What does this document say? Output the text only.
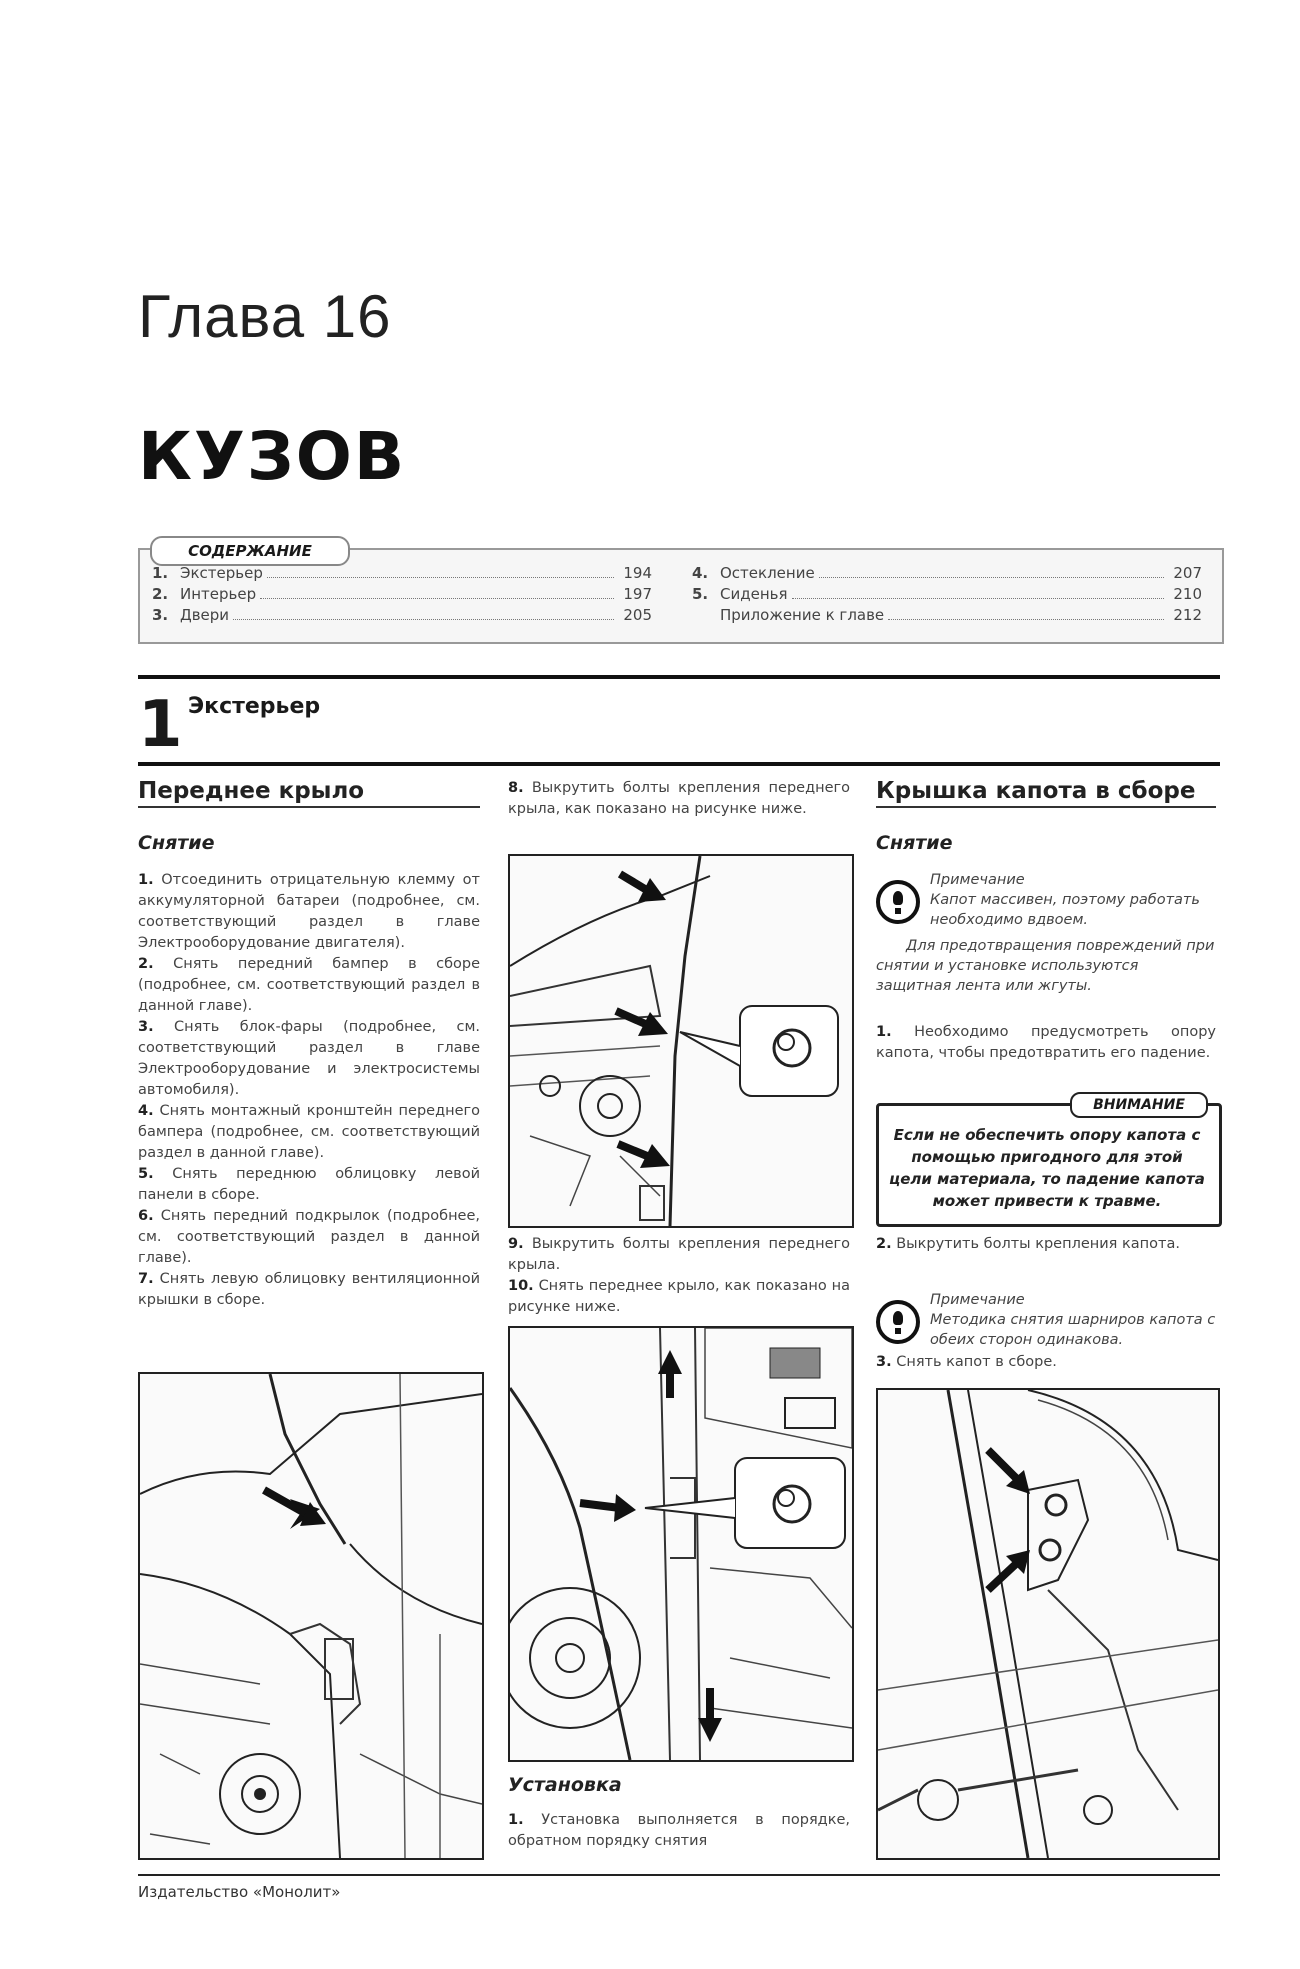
Глава 16
КУЗОВ
СОДЕРЖАНИЕ
1. Экстерьер	194
2. Интерьер	197
3. Двери	205
4. Остекление	207
5. Сиденья	210
Приложение к главе	212
1 Экстерьер
Переднее крыло
Снятие

1. Отсоединить отрицательную клемму от аккумуляторной батареи (подробнее, см. соответствующий раздел в главе Электрооборудование двигателя).

2. Снять передний бампер в сборе (подробнее, см. соответствующий раздел в данной главе).

3. Снять блок-фары (подробнее, см. соответствующий раздел в главе Электрооборудование и электросистемы автомобиля).

4. Снять монтажный кронштейн переднего бампера (подробнее, см. соответствующий раздел в данной главе).

5. Снять переднюю облицовку левой панели в сборе.

6. Снять передний подкрылок (подробнее, см. соответствующий раздел в данной главе).

7. Снять левую облицовку вентиляционной крышки в сборе.

8. Выкрутить болты крепления переднего крыла, как показано на рисунке ниже.

9. Выкрутить болты крепления переднего крыла.

10. Снять переднее крыло, как показано на рисунке ниже.

Установка

1. Установка выполняется в порядке, обратном порядку снятия

Крышка капота в сборе
Снятие
Примечание
Капот массивен, поэтому работать необходимо вдвоем.
Для предотвращения повреждений при снятии и установке используются защитная лента или жгуты.

1. Необходимо предусмотреть опору капота, чтобы предотвратить его падение.

ВНИМАНИЕ
Если не обеспечить опору капота с помощью пригодного для этой цели материала, то падение капота может привести к травме.

2. Выкрутить болты крепления капота.

Примечание
Методика снятия шарниров капота с обеих сторон одинакова.

3. Снять капот в сборе.

Издательство «Монолит»
